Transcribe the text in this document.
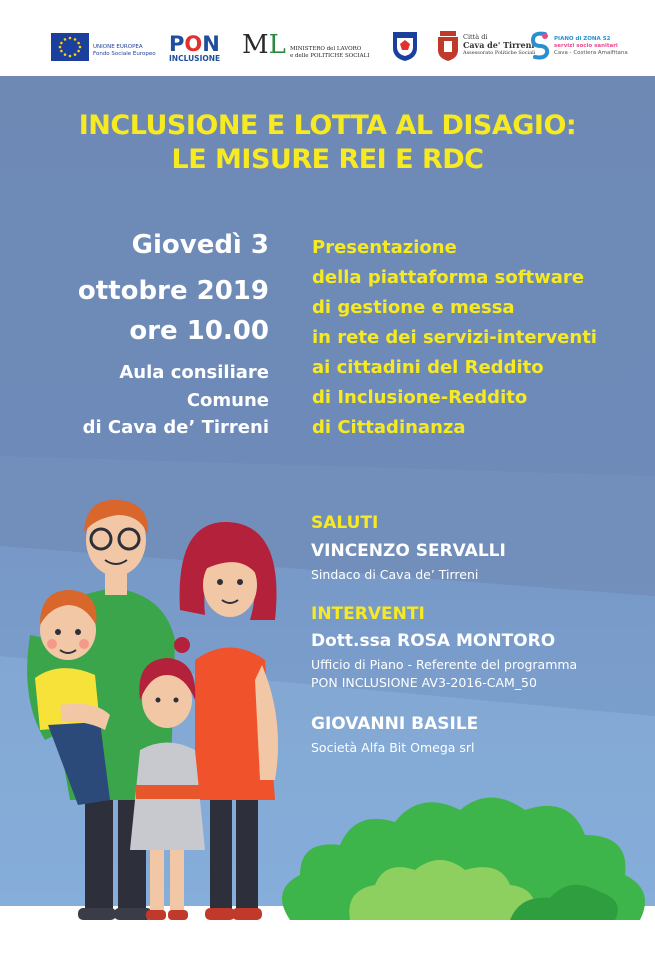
UNIONE EUROPEA
Fondo Sociale Europeo PON
INCLUSIONE ML MINISTERO del LAVORO
e delle POLITICHE SOCIALI
Città di
Cava de' Tirreni
Assessorato Politiche Sociali
PIANO di ZONA S2
servizi socio sanitari
Cava - Costiera Amalfitana
INCLUSIONE E LOTTA AL DISAGIO:
LE MISURE REI E RDC
Giovedì 3
ottobre 2019
ore 10.00
Aula consiliare
Comune
di Cava de’ Tirreni
Presentazione
della piattaforma software
di gestione e messa
in rete dei servizi-interventi
ai cittadini del Reddito
di Inclusione-Reddito
di Cittadinanza
SALUTI
VINCENZO SERVALLI
Sindaco di Cava de’ Tirreni
INTERVENTI
Dott.ssa ROSA MONTORO
Ufficio di Piano - Referente del programma
PON INCLUSIONE AV3-2016-CAM_50
GIOVANNI BASILE
Società Alfa Bit Omega srl
